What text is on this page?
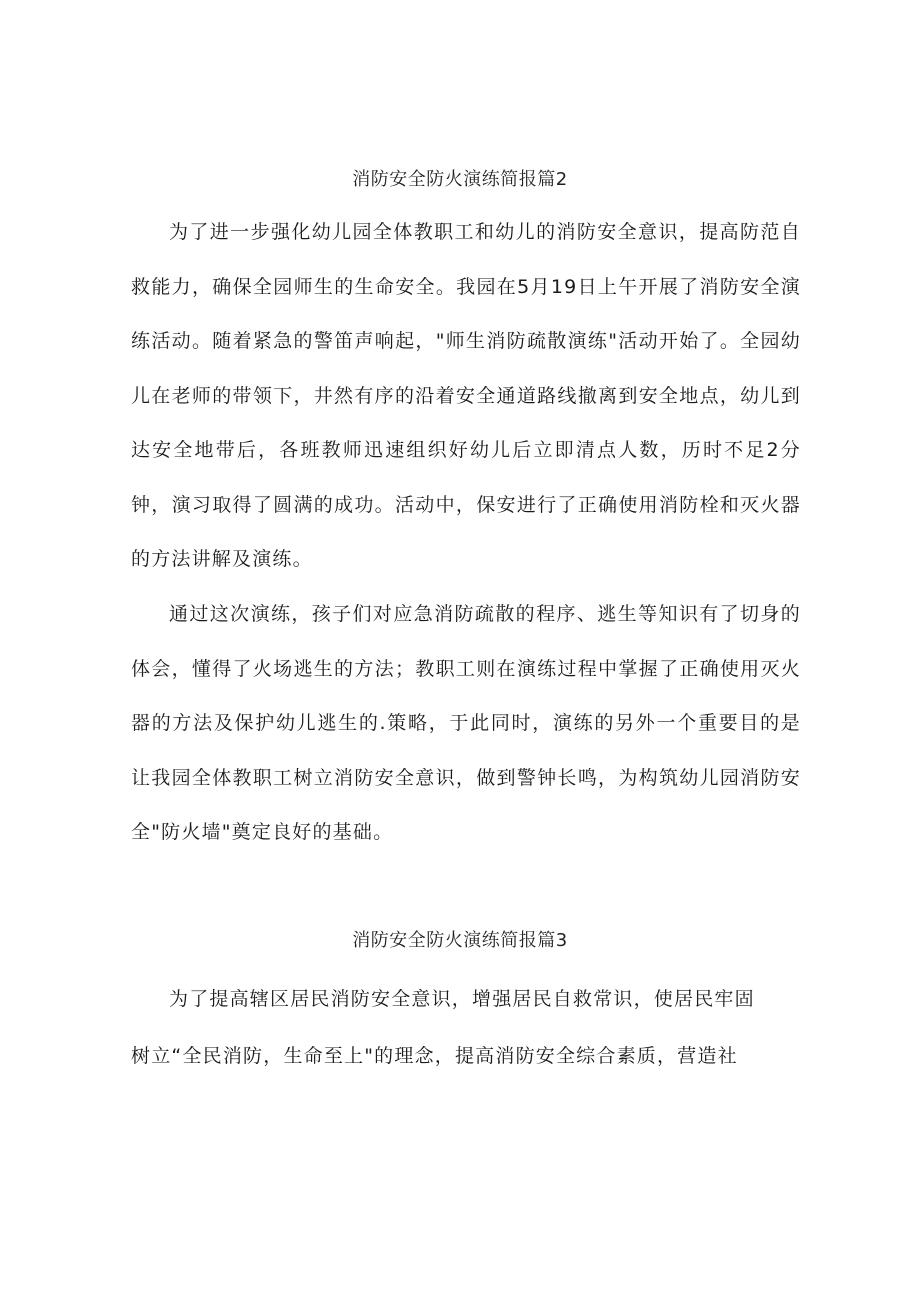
消防安全防火演练简报篇2

为了进一步强化幼儿园全体教职工和幼儿的消防安全意识，提高防范自救能力，确保全园师生的生命安全。我园在5月19日上午开展了消防安全演练活动。随着紧急的警笛声响起，"师生消防疏散演练"活动开始了。全园幼儿在老师的带领下，井然有序的沿着安全通道路线撤离到安全地点，幼儿到达安全地带后，各班教师迅速组织好幼儿后立即清点人数，历时不足2分钟，演习取得了圆满的成功。活动中，保安进行了正确使用消防栓和灭火器的方法讲解及演练。

通过这次演练，孩子们对应急消防疏散的程序、逃生等知识有了切身的体会，懂得了火场逃生的方法；教职工则在演练过程中掌握了正确使用灭火器的方法及保护幼儿逃生的.策略，于此同时，演练的另外一个重要目的是让我园全体教职工树立消防安全意识，做到警钟长鸣，为构筑幼儿园消防安全"防火墙"奠定良好的基础。

消防安全防火演练简报篇3

为了提高辖区居民消防安全意识，增强居民自救常识，使居民牢固

树立“全民消防，生命至上"的理念，提高消防安全综合素质，营造社
